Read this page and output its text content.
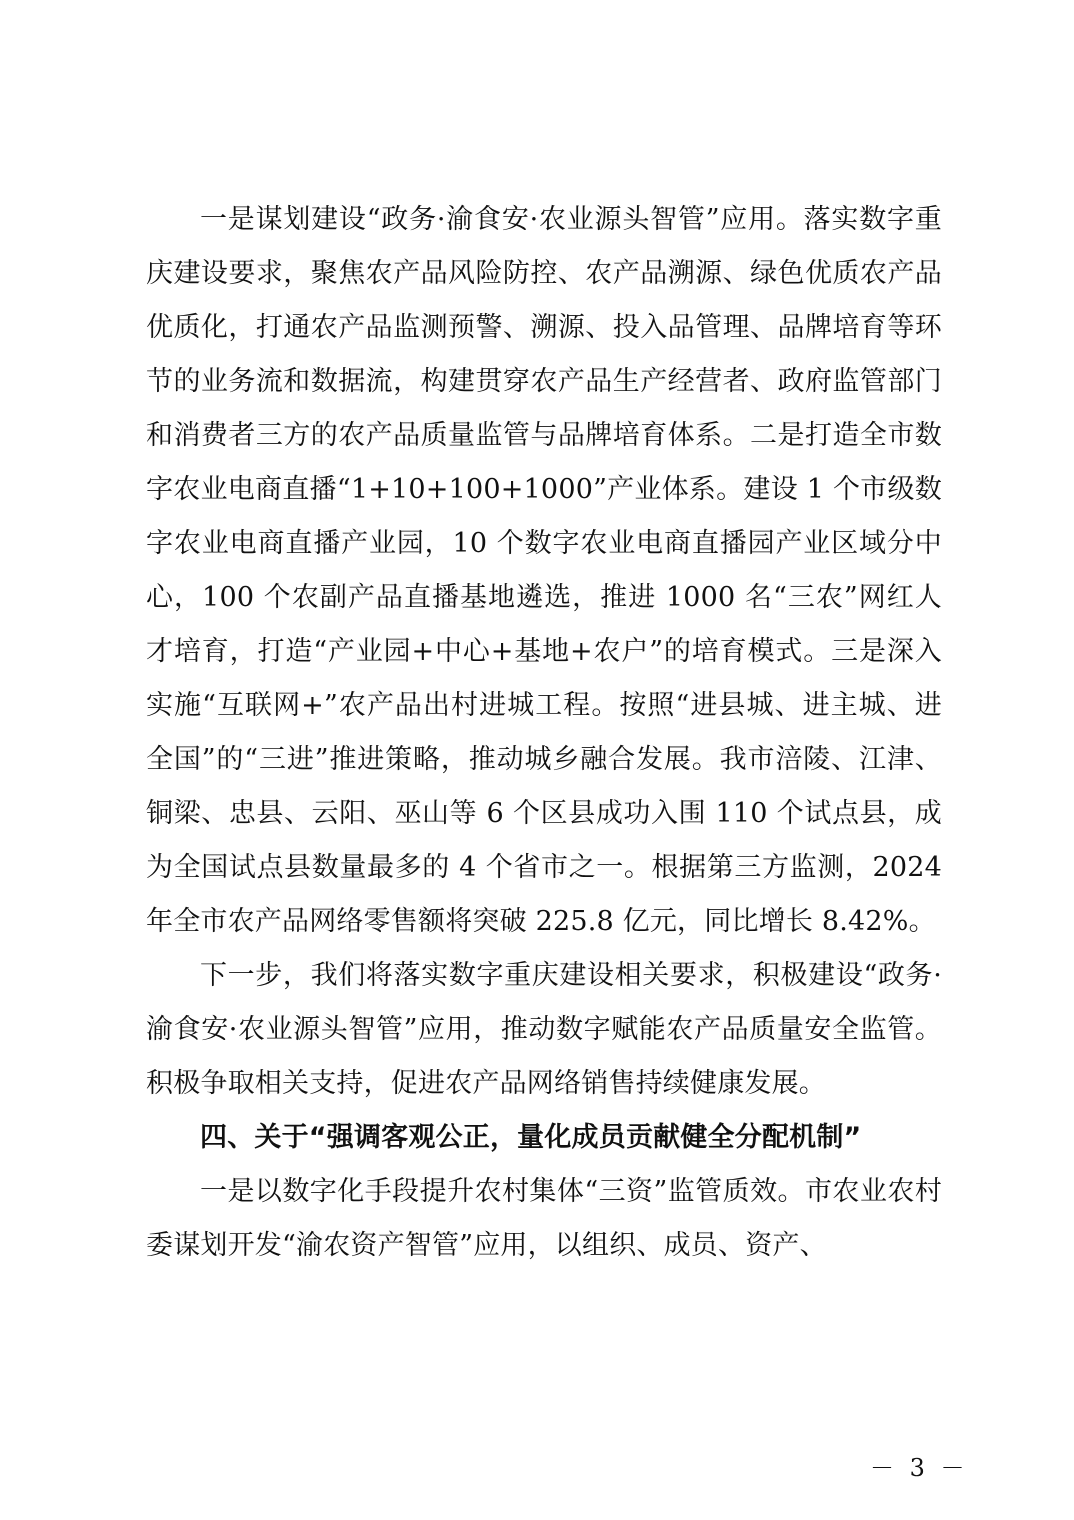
一是谋划建设“政务·渝食安·农业源头智管”应用。落实数字重庆建设要求，聚焦农产品风险防控、农产品溯源、绿色优质农产品优质化，打通农产品监测预警、溯源、投入品管理、品牌培育等环节的业务流和数据流，构建贯穿农产品生产经营者、政府监管部门和消费者三方的农产品质量监管与品牌培育体系。二是打造全市数字农业电商直播“1+10+100+1000”产业体系。建设 1 个市级数字农业电商直播产业园，10 个数字农业电商直播园产业区域分中心，100 个农副产品直播基地遴选，推进 1000 名“三农”网红人才培育，打造“产业园+中心+基地+农户”的培育模式。三是深入实施“互联网+”农产品出村进城工程。按照“进县城、进主城、进全国”的“三进”推进策略，推动城乡融合发展。我市涪陵、江津、铜梁、忠县、云阳、巫山等 6 个区县成功入围 110 个试点县，成为全国试点县数量最多的 4 个省市之一。根据第三方监测，2024 年全市农产品网络零售额将突破 225.8 亿元，同比增长 8.42%。

下一步，我们将落实数字重庆建设相关要求，积极建设“政务·渝食安·农业源头智管”应用，推动数字赋能农产品质量安全监管。积极争取相关支持，促进农产品网络销售持续健康发展。

四、关于“强调客观公正，量化成员贡献健全分配机制”

一是以数字化手段提升农村集体“三资”监管质效。市农业农村委谋划开发“渝农资产智管”应用，以组织、成员、资产、

－ 3 －
